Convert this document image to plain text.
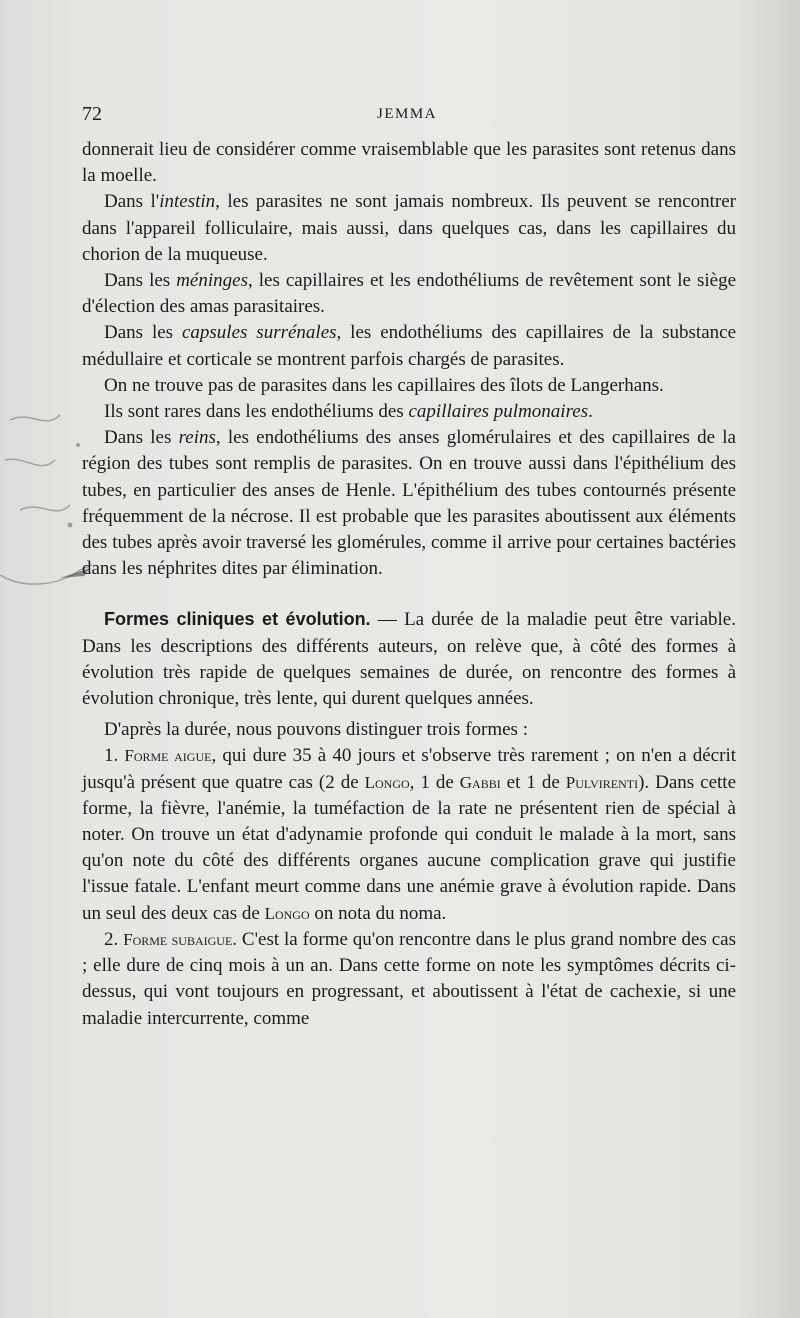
72	JEMMA

donnerait lieu de considérer comme vraisemblable que les parasites sont retenus dans la moelle.

Dans l'intestin, les parasites ne sont jamais nombreux. Ils peuvent se rencontrer dans l'appareil folliculaire, mais aussi, dans quelques cas, dans les capillaires du chorion de la muqueuse.

Dans les méninges, les capillaires et les endothéliums de revêtement sont le siège d'élection des amas parasitaires.

Dans les capsules surrénales, les endothéliums des capillaires de la substance médullaire et corticale se montrent parfois chargés de parasites.

On ne trouve pas de parasites dans les capillaires des îlots de Langerhans.

Ils sont rares dans les endothéliums des capillaires pulmonaires.

Dans les reins, les endothéliums des anses glomérulaires et des capillaires de la région des tubes sont remplis de parasites. On en trouve aussi dans l'épithélium des tubes, en particulier des anses de Henle. L'épithélium des tubes contournés présente fréquemment de la nécrose. Il est probable que les parasites aboutissent aux éléments des tubes après avoir traversé les glomérules, comme il arrive pour certaines bactéries dans les néphrites dites par élimination.

Formes cliniques et évolution. — La durée de la maladie peut être variable. Dans les descriptions des différents auteurs, on relève que, à côté des formes à évolution très rapide de quelques semaines de durée, on rencontre des formes à évolution chronique, très lente, qui durent quelques années.

D'après la durée, nous pouvons distinguer trois formes :

1. Forme aigue, qui dure 35 à 40 jours et s'observe très rarement ; on n'en a décrit jusqu'à présent que quatre cas (2 de Longo, 1 de Gabbi et 1 de Pulvirenti). Dans cette forme, la fièvre, l'anémie, la tuméfaction de la rate ne présentent rien de spécial à noter. On trouve un état d'adynamie profonde qui conduit le malade à la mort, sans qu'on note du côté des différents organes aucune complication grave qui justifie l'issue fatale. L'enfant meurt comme dans une anémie grave à évolution rapide. Dans un seul des deux cas de Longo on nota du noma.

2. Forme subaigue. C'est la forme qu'on rencontre dans le plus grand nombre des cas ; elle dure de cinq mois à un an. Dans cette forme on note les symptômes décrits ci-dessus, qui vont toujours en progressant, et aboutissent à l'état de cachexie, si une maladie intercurrente, comme
